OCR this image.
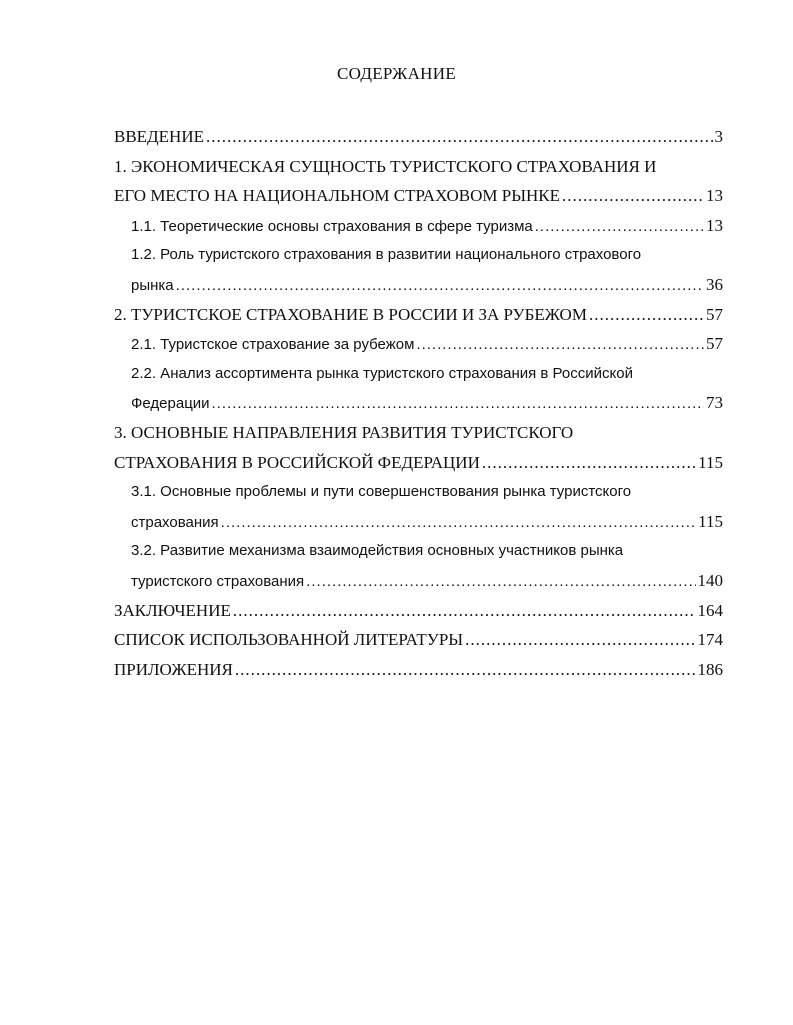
СОДЕРЖАНИЕ
ВВЕДЕНИЕ .....	3
1. ЭКОНОМИЧЕСКАЯ СУЩНОСТЬ ТУРИСТСКОГО СТРАХОВАНИЯ И
ЕГО МЕСТО НА НАЦИОНАЛЬНОМ СТРАХОВОМ РЫНКЕ .....	13
1.1. Теоретические основы страхования в сфере туризма .....	13
1.2. Роль туристского страхования в развитии национального страхового
рынка .....	36
2. ТУРИСТСКОЕ СТРАХОВАНИЕ В РОССИИ И ЗА РУБЕЖОМ .....	57
2.1. Туристское страхование за рубежом .....	57
2.2. Анализ ассортимента рынка туристского страхования в Российской
Федерации .....	73
3. ОСНОВНЫЕ НАПРАВЛЕНИЯ РАЗВИТИЯ ТУРИСТСКОГО
СТРАХОВАНИЯ В РОССИЙСКОЙ ФЕДЕРАЦИИ .....	115
3.1. Основные проблемы и пути совершенствования рынка туристского
страхования .....	115
3.2. Развитие механизма взаимодействия основных участников рынка
туристского страхования .....	140
ЗАКЛЮЧЕНИЕ .....	164
СПИСОК ИСПОЛЬЗОВАННОЙ ЛИТЕРАТУРЫ .....	174
ПРИЛОЖЕНИЯ .....	186
